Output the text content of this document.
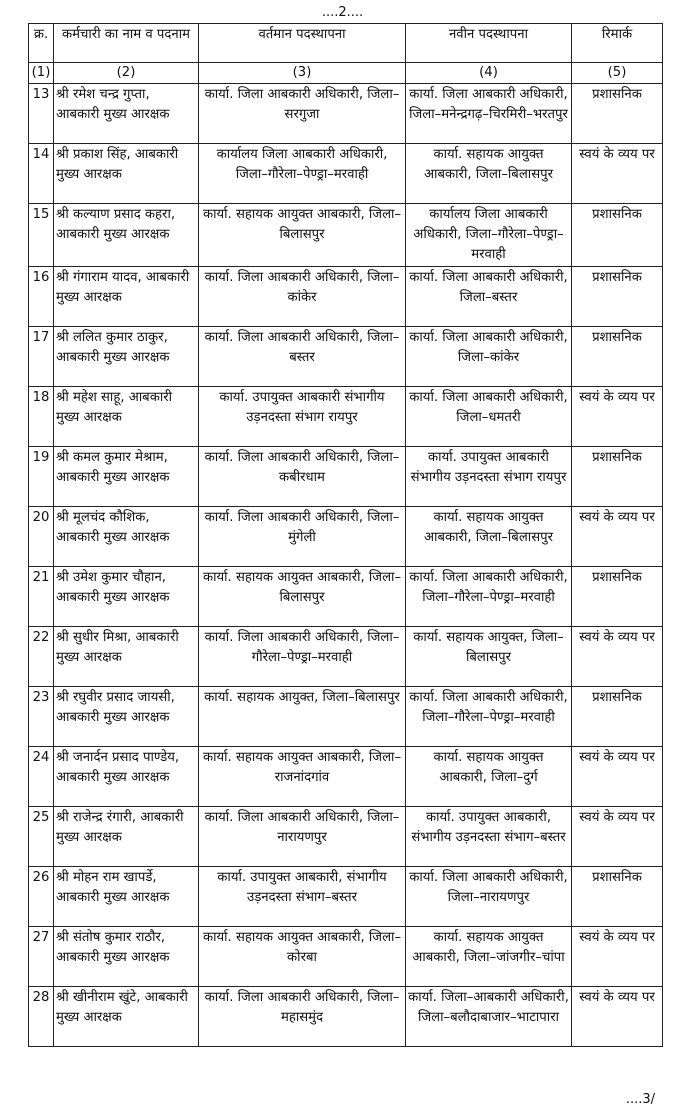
....2....
क्र.	कर्मचारी का नाम व पदनाम	वर्तमान पदस्थापना	नवीन पदस्थापना	रिमार्क
(1)	(2)	(3)	(4)	(5)
13	श्री रमेश चन्द्र गुप्ता, आबकारी मुख्य आरक्षक	कार्या. जिला आबकारी अधिकारी, जिला–सरगुजा	कार्या. जिला आबकारी अधिकारी, जिला–मनेन्द्रगढ़–चिरमिरी–भरतपुर	प्रशासनिक
14	श्री प्रकाश सिंह, आबकारी मुख्य आरक्षक	कार्यालय जिला आबकारी अधिकारी, जिला–गौरेला–पेण्ड्रा–मरवाही	कार्या. सहायक आयुक्त आबकारी, जिला–बिलासपुर	स्वयं के व्यय पर
15	श्री कल्याण प्रसाद कहरा, आबकारी मुख्य आरक्षक	कार्या. सहायक आयुक्त आबकारी, जिला–बिलासपुर	कार्यालय जिला आबकारी अधिकारी, जिला–गौरेला–पेण्ड्रा–मरवाही	प्रशासनिक
16	श्री गंगाराम यादव, आबकारी मुख्य आरक्षक	कार्या. जिला आबकारी अधिकारी, जिला–कांकेर	कार्या. जिला आबकारी अधिकारी, जिला–बस्तर	प्रशासनिक
17	श्री ललित कुमार ठाकुर, आबकारी मुख्य आरक्षक	कार्या. जिला आबकारी अधिकारी, जिला–बस्तर	कार्या. जिला आबकारी अधिकारी, जिला–कांकेर	प्रशासनिक
18	श्री महेश साहू, आबकारी मुख्य आरक्षक	कार्या. उपायुक्त आबकारी संभागीय उड़नदस्ता संभाग रायपुर	कार्या. जिला आबकारी अधिकारी, जिला–धमतरी	स्वयं के व्यय पर
19	श्री कमल कुमार मेश्राम, आबकारी मुख्य आरक्षक	कार्या. जिला आबकारी अधिकारी, जिला–कबीरधाम	कार्या. उपायुक्त आबकारी संभागीय उड़नदस्ता संभाग रायपुर	प्रशासनिक
20	श्री मूलचंद कौशिक, आबकारी मुख्य आरक्षक	कार्या. जिला आबकारी अधिकारी, जिला–मुंगेली	कार्या. सहायक आयुक्त आबकारी, जिला–बिलासपुर	स्वयं के व्यय पर
21	श्री उमेश कुमार चौहान, आबकारी मुख्य आरक्षक	कार्या. सहायक आयुक्त आबकारी, जिला–बिलासपुर	कार्या. जिला आबकारी अधिकारी, जिला–गौरेला–पेण्ड्रा–मरवाही	प्रशासनिक
22	श्री सुधीर मिश्रा, आबकारी मुख्य आरक्षक	कार्या. जिला आबकारी अधिकारी, जिला–गौरेला–पेण्ड्रा–मरवाही	कार्या. सहायक आयुक्त, जिला–बिलासपुर	स्वयं के व्यय पर
23	श्री रघुवीर प्रसाद जायसी, आबकारी मुख्य आरक्षक	कार्या. सहायक आयुक्त, जिला–बिलासपुर	कार्या. जिला आबकारी अधिकारी, जिला–गौरेला–पेण्ड्रा–मरवाही	प्रशासनिक
24	श्री जनार्दन प्रसाद पाण्डेय, आबकारी मुख्य आरक्षक	कार्या. सहायक आयुक्त आबकारी, जिला–राजनांदगांव	कार्या. सहायक आयुक्त आबकारी, जिला–दुर्ग	स्वयं के व्यय पर
25	श्री राजेन्द्र रंगारी, आबकारी मुख्य आरक्षक	कार्या. जिला आबकारी अधिकारी, जिला–नारायणपुर	कार्या. उपायुक्त आबकारी, संभागीय उड़नदस्ता संभाग–बस्तर	स्वयं के व्यय पर
26	श्री मोहन राम खापर्डे, आबकारी मुख्य आरक्षक	कार्या. उपायुक्त आबकारी, संभागीय उड़नदस्ता संभाग–बस्तर	कार्या. जिला आबकारी अधिकारी, जिला–नारायणपुर	प्रशासनिक
27	श्री संतोष कुमार राठौर, आबकारी मुख्य आरक्षक	कार्या. सहायक आयुक्त आबकारी, जिला–कोरबा	कार्या. सहायक आयुक्त आबकारी, जिला–जांजगीर–चांपा	स्वयं के व्यय पर
28	श्री खीनीराम खुंटे, आबकारी मुख्य आरक्षक	कार्या. जिला आबकारी अधिकारी, जिला–महासमुंद	कार्या. जिला–आबकारी अधिकारी, जिला–बलौदाबाजार–भाटापारा	स्वयं के व्यय पर
....3/
